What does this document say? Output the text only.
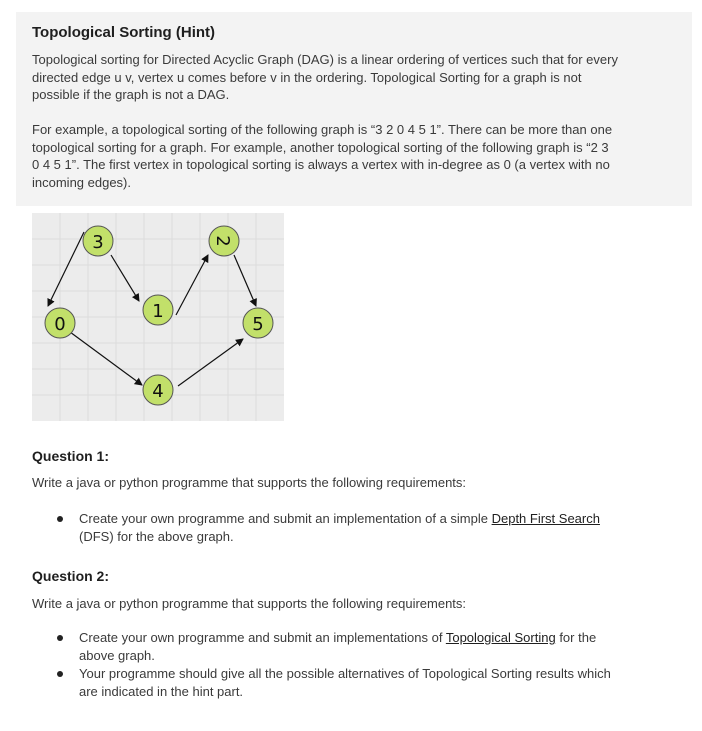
Topological Sorting (Hint)
Topological sorting for Directed Acyclic Graph (DAG) is a linear ordering of vertices such that for every
directed edge u v, vertex u comes before v in the ordering. Topological Sorting for a graph is not
possible if the graph is not a DAG.
For example, a topological sorting of the following graph is “3 2 0 4 5 1”. There can be more than one
topological sorting for a graph. For example, another topological sorting of the following graph is “2 3
0 4 5 1”. The first vertex in topological sorting is always a vertex with in-degree as 0 (a vertex with no
incoming edges).
0
3
1
2
5
4
Question 1:
Write a java or python programme that supports the following requirements:
Create your own programme and submit an implementation of a simple Depth First Search
(DFS) for the above graph.
Question 2:
Write a java or python programme that supports the following requirements:
Create your own programme and submit an implementations of Topological Sorting for the
above graph.
Your programme should give all the possible alternatives of Topological Sorting results which
are indicated in the hint part.
